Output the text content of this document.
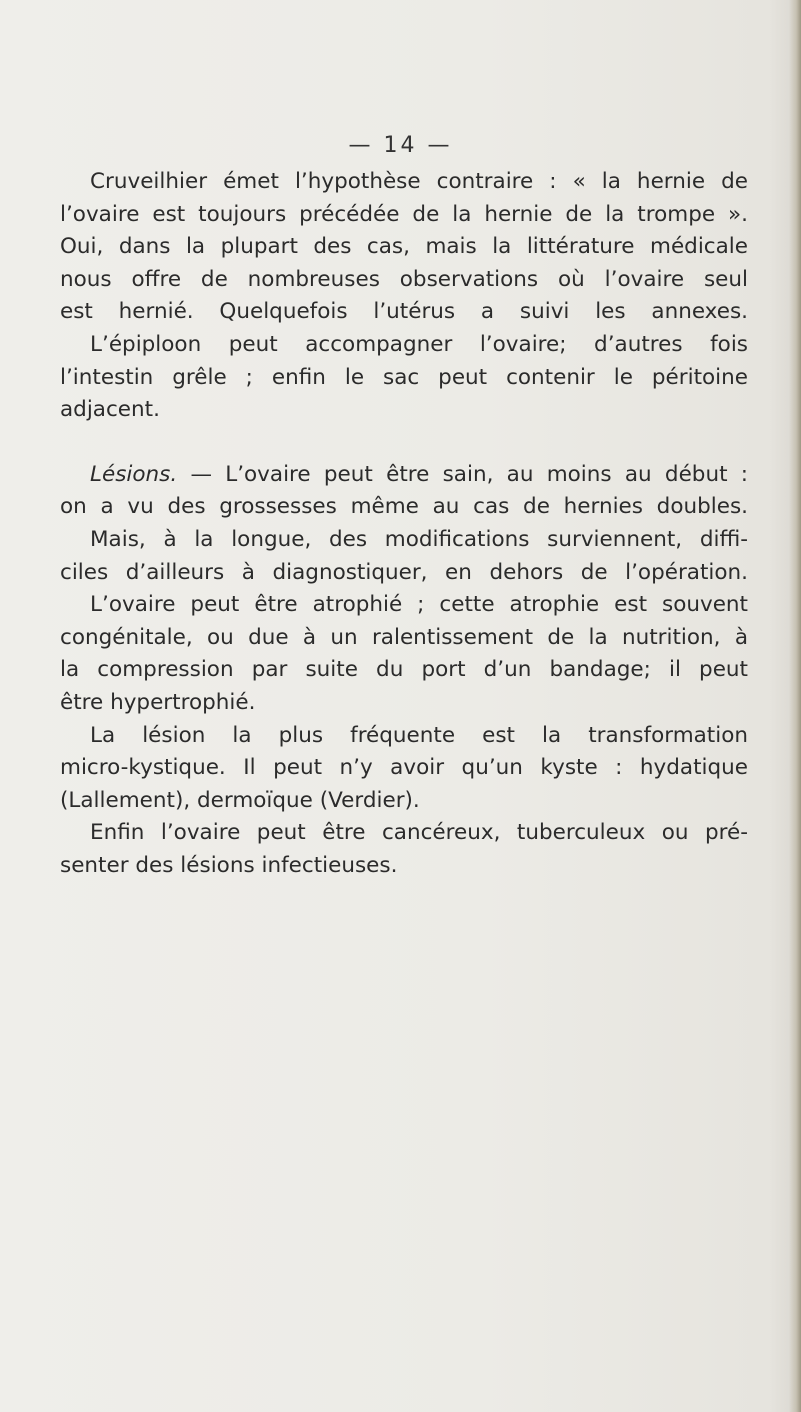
— 14 —
Cruveilhier émet l’hypothèse contraire : « la hernie de
l’ovaire est toujours précédée de la hernie de la trompe ».
Oui, dans la plupart des cas, mais la littérature médicale
nous offre de nombreuses observations où l’ovaire seul
est hernié. Quelquefois l’utérus a suivi les annexes.
L’épiploon peut accompagner l’ovaire; d’autres fois
l’intestin grêle ; enfin le sac peut contenir le péritoine
adjacent.
Lésions. — L’ovaire peut être sain, au moins au début :
on a vu des grossesses même au cas de hernies doubles.
Mais, à la longue, des modifications surviennent, diffi-
ciles d’ailleurs à diagnostiquer, en dehors de l’opération.
L’ovaire peut être atrophié ; cette atrophie est souvent
congénitale, ou due à un ralentissement de la nutrition, à
la compression par suite du port d’un bandage; il peut
être hypertrophié.
La lésion la plus fréquente est la transformation
micro-kystique. Il peut n’y avoir qu’un kyste : hydatique
(Lallement), dermoïque (Verdier).
Enfin l’ovaire peut être cancéreux, tuberculeux ou pré-
senter des lésions infectieuses.
